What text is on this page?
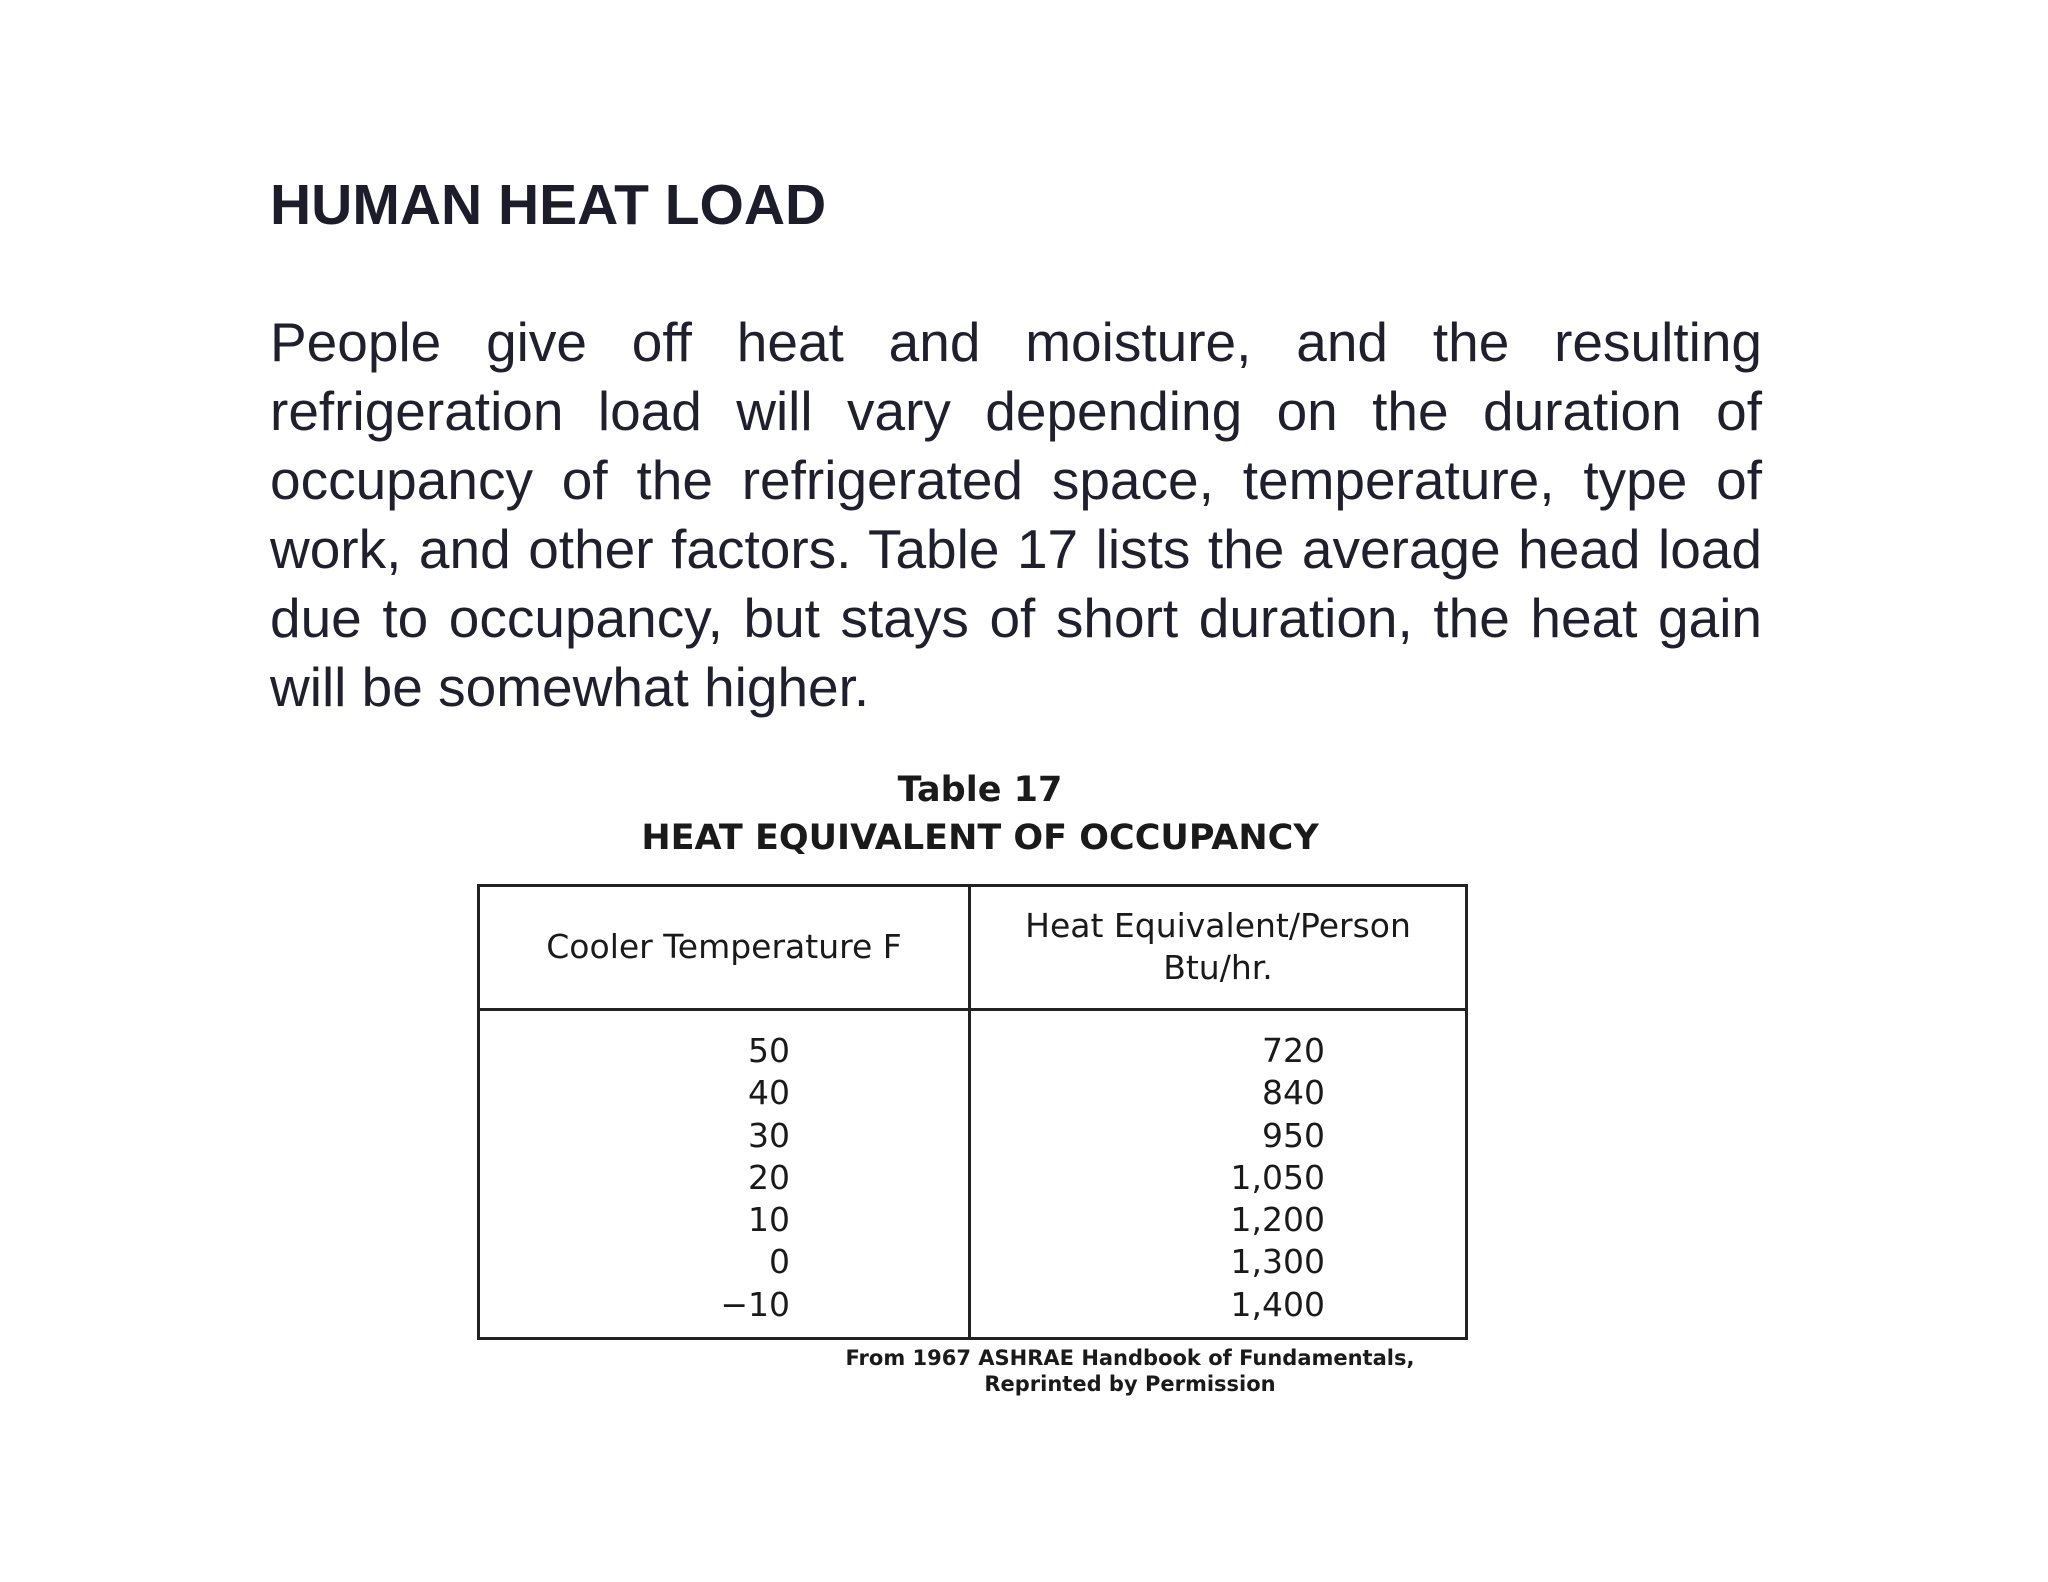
HUMAN HEAT LOAD

People give off heat and moisture, and the resulting refrigeration load will vary depending on the duration of occupancy of the refrigerated space, temperature, type of work, and other factors. Table 17 lists the average head load due to occupancy, but stays of short duration, the heat gain will be somewhat higher.

Table 17
HEAT EQUIVALENT OF OCCUPANCY
Cooler Temperature F
Heat Equivalent/Person
Btu/hr.
50
40
30
20
10
0
−10
720
840
950
1,050
1,200
1,300
1,400
From 1967 ASHRAE Handbook of Fundamentals,
Reprinted by Permission
